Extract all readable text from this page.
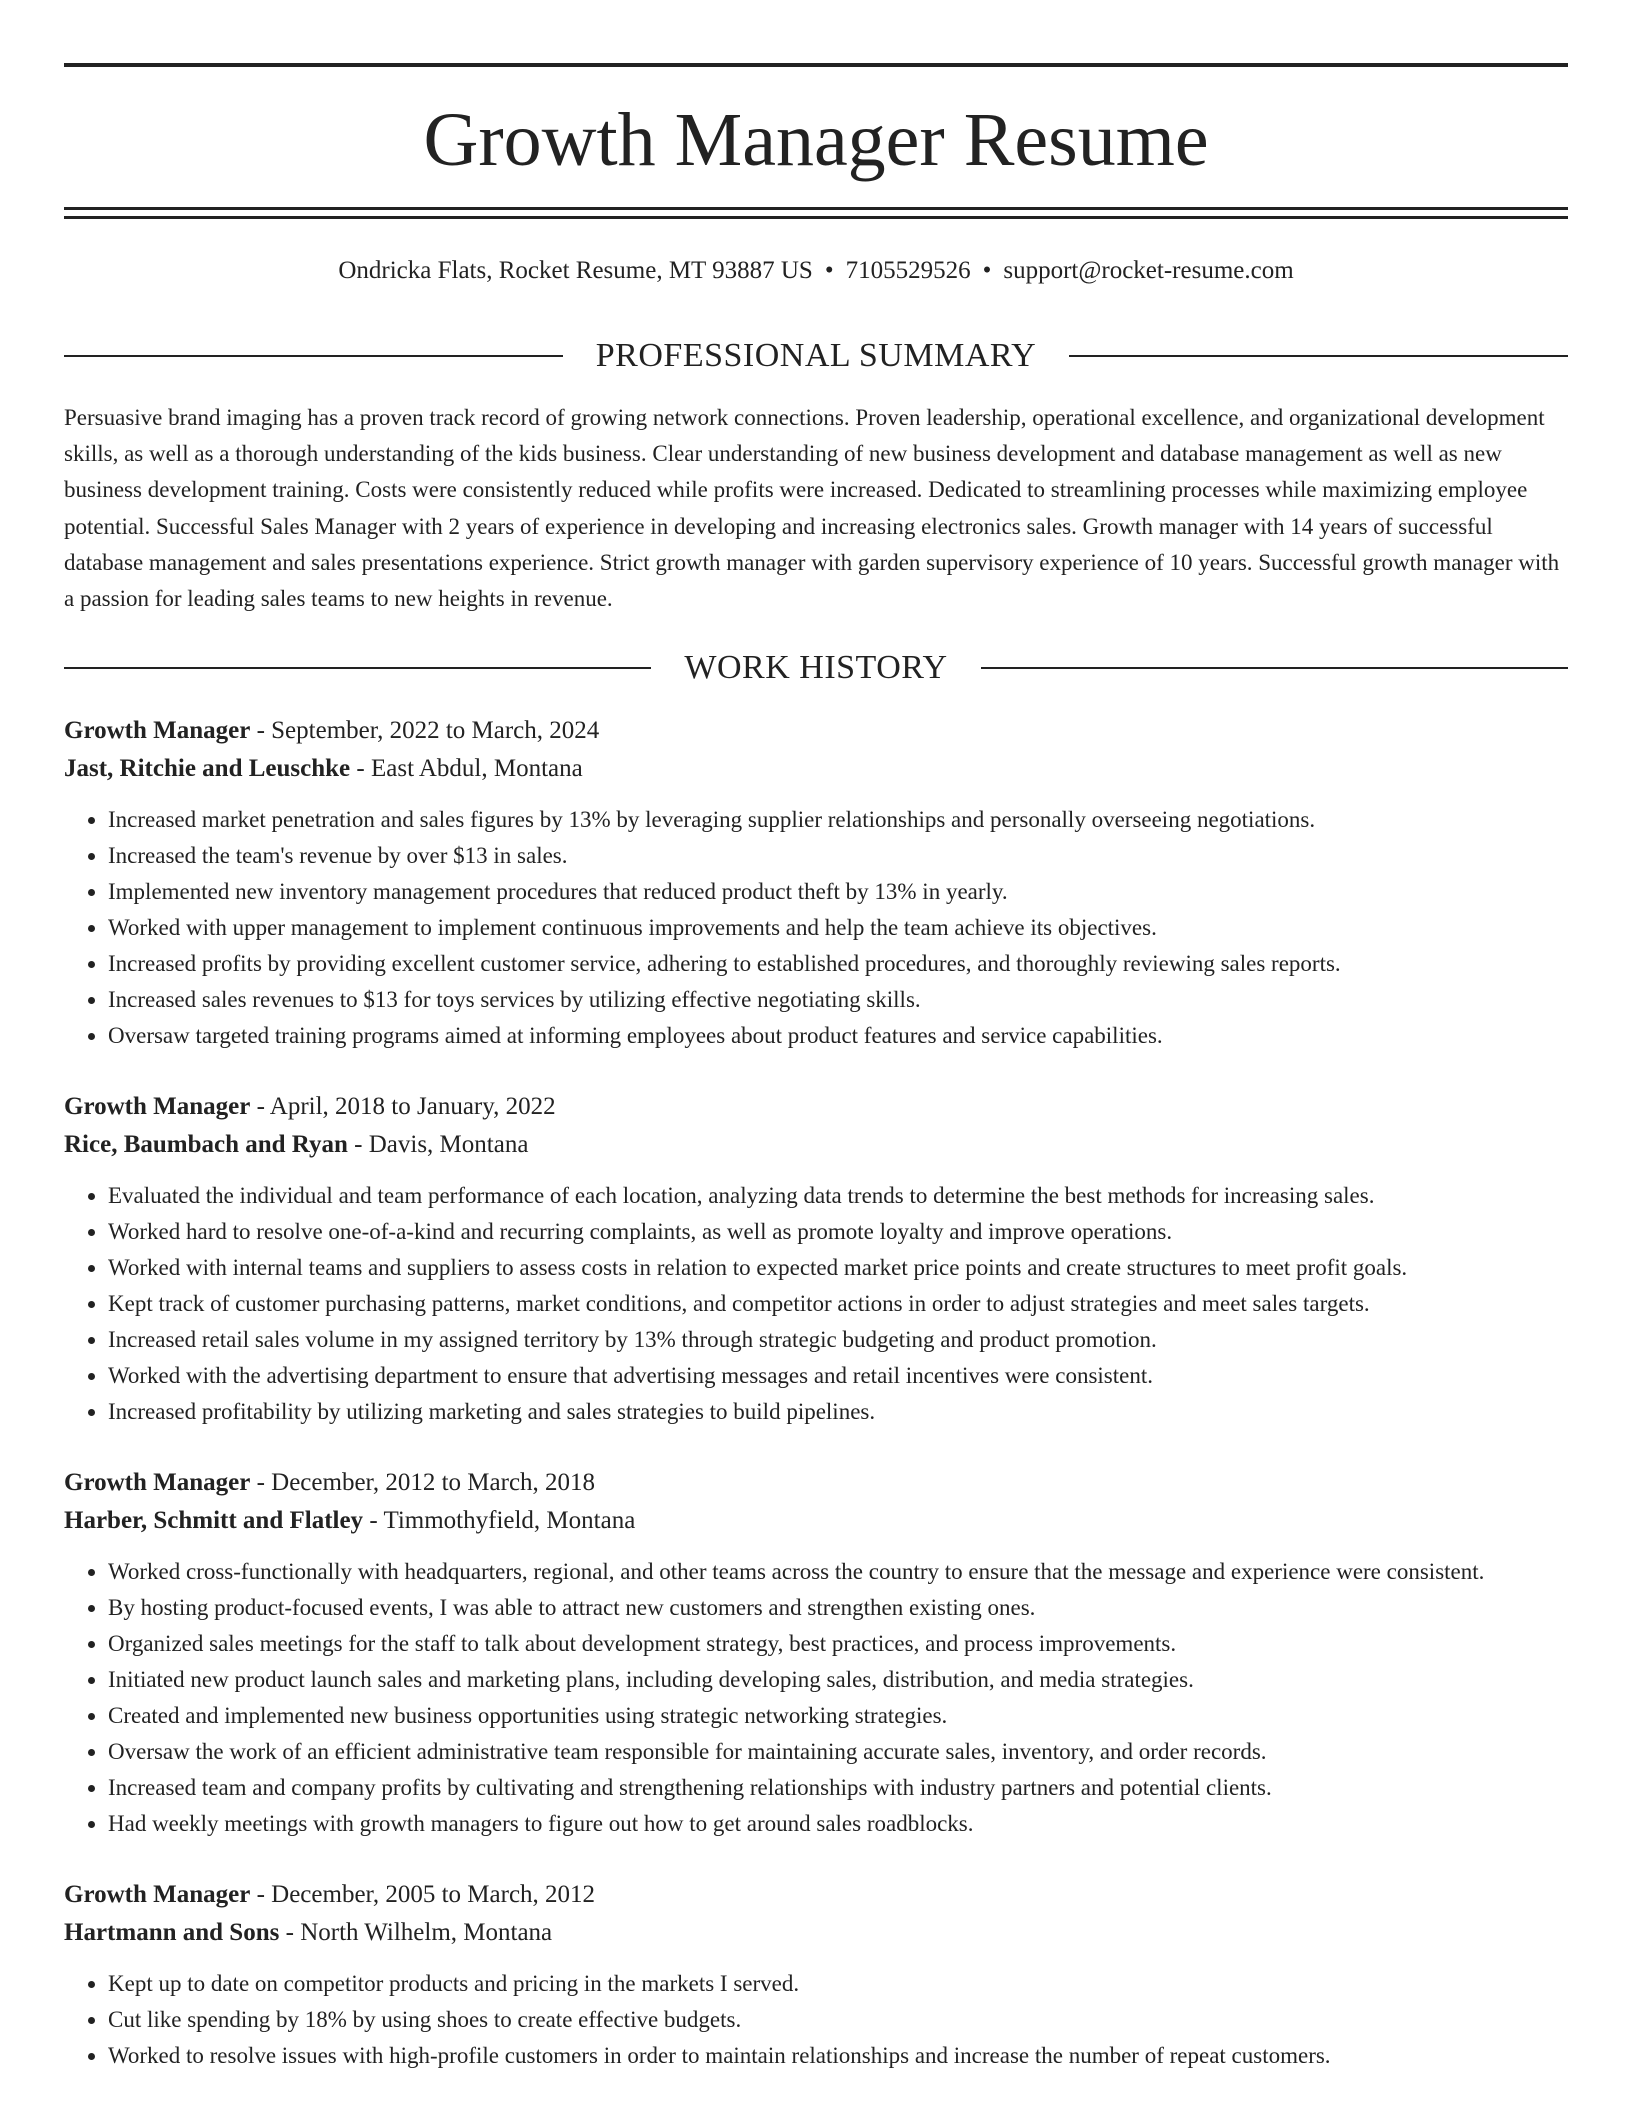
Growth Manager Resume
Ondricka Flats, Rocket Resume, MT 93887 US • 7105529526 • support@rocket-resume.com
PROFESSIONAL SUMMARY

Persuasive brand imaging has a proven track record of growing network connections. Proven leadership, operational excellence, and organizational development skills, as well as a thorough understanding of the kids business. Clear understanding of new business development and database management as well as new business development training. Costs were consistently reduced while profits were increased. Dedicated to streamlining processes while maximizing employee potential. Successful Sales Manager with 2 years of experience in developing and increasing electronics sales. Growth manager with 14 years of successful database management and sales presentations experience. Strict growth manager with garden supervisory experience of 10 years. Successful growth manager with a passion for leading sales teams to new heights in revenue.

WORK HISTORY

Growth Manager - September, 2022 to March, 2024

Jast, Ritchie and Leuschke - East Abdul, Montana

• Increased market penetration and sales figures by 13% by leveraging supplier relationships and personally overseeing negotiations.
• Increased the team's revenue by over $13 in sales.
• Implemented new inventory management procedures that reduced product theft by 13% in yearly.
• Worked with upper management to implement continuous improvements and help the team achieve its objectives.
• Increased profits by providing excellent customer service, adhering to established procedures, and thoroughly reviewing sales reports.
• Increased sales revenues to $13 for toys services by utilizing effective negotiating skills.
• Oversaw targeted training programs aimed at informing employees about product features and service capabilities.

Growth Manager - April, 2018 to January, 2022

Rice, Baumbach and Ryan - Davis, Montana

• Evaluated the individual and team performance of each location, analyzing data trends to determine the best methods for increasing sales.
• Worked hard to resolve one-of-a-kind and recurring complaints, as well as promote loyalty and improve operations.
• Worked with internal teams and suppliers to assess costs in relation to expected market price points and create structures to meet profit goals.
• Kept track of customer purchasing patterns, market conditions, and competitor actions in order to adjust strategies and meet sales targets.
• Increased retail sales volume in my assigned territory by 13% through strategic budgeting and product promotion.
• Worked with the advertising department to ensure that advertising messages and retail incentives were consistent.
• Increased profitability by utilizing marketing and sales strategies to build pipelines.

Growth Manager - December, 2012 to March, 2018

Harber, Schmitt and Flatley - Timmothyfield, Montana

• Worked cross-functionally with headquarters, regional, and other teams across the country to ensure that the message and experience were consistent.
• By hosting product-focused events, I was able to attract new customers and strengthen existing ones.
• Organized sales meetings for the staff to talk about development strategy, best practices, and process improvements.
• Initiated new product launch sales and marketing plans, including developing sales, distribution, and media strategies.
• Created and implemented new business opportunities using strategic networking strategies.
• Oversaw the work of an efficient administrative team responsible for maintaining accurate sales, inventory, and order records.
• Increased team and company profits by cultivating and strengthening relationships with industry partners and potential clients.
• Had weekly meetings with growth managers to figure out how to get around sales roadblocks.

Growth Manager - December, 2005 to March, 2012

Hartmann and Sons - North Wilhelm, Montana

• Kept up to date on competitor products and pricing in the markets I served.
• Cut like spending by 18% by using shoes to create effective budgets.
• Worked to resolve issues with high-profile customers in order to maintain relationships and increase the number of repeat customers.
